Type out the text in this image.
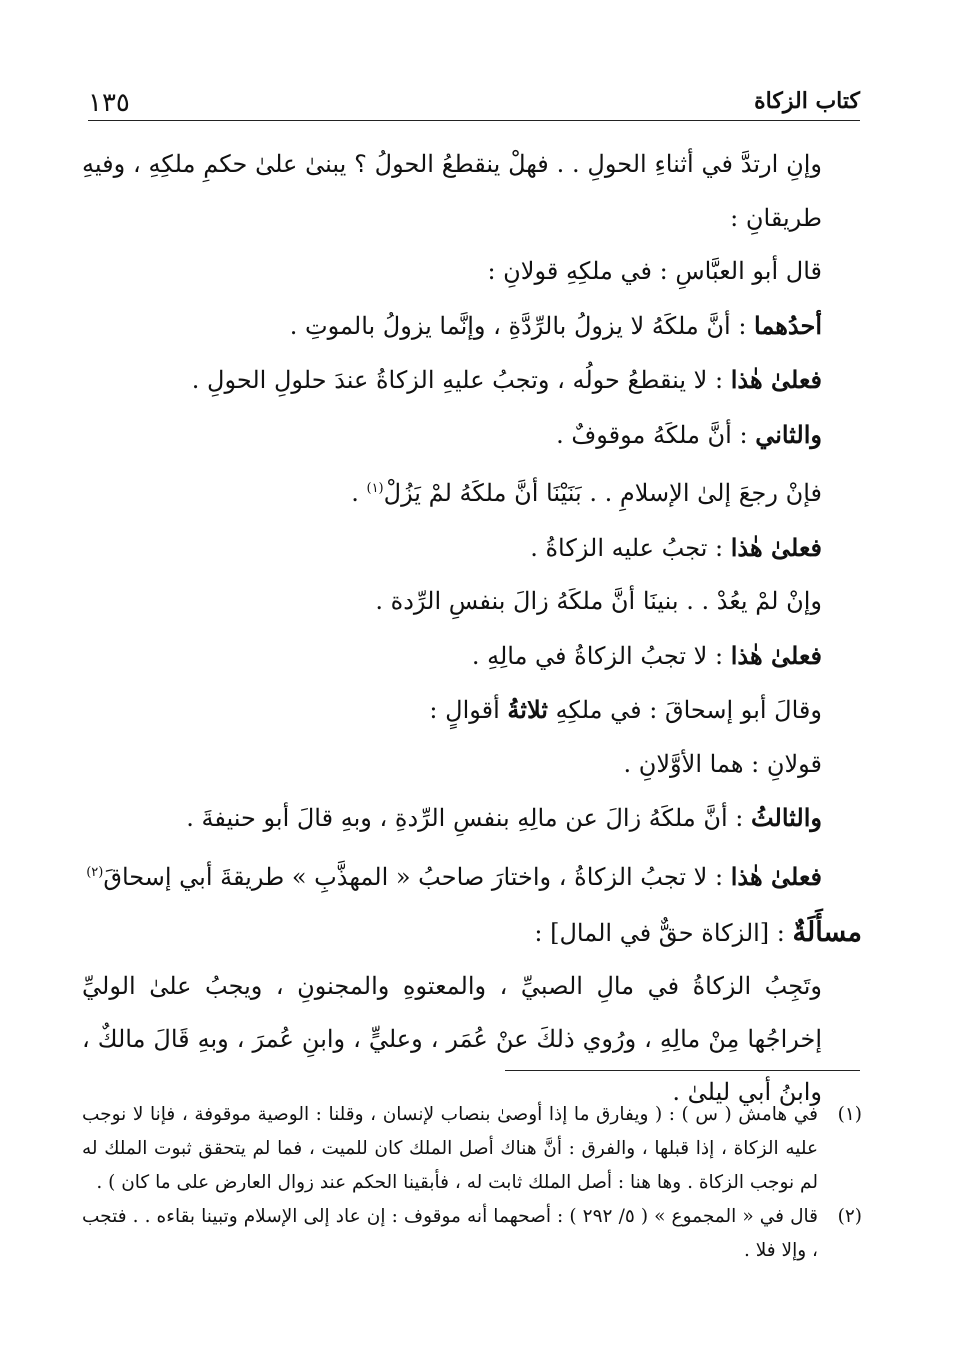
كتاب الزكاة
١٣٥

وإنِ ارتدَّ في أثناءِ الحولِ . . فهلْ ينقطعُ الحولُ ؟ يبنىٰ علىٰ حكمِ ملكِهِ ، وفيهِ طريقانِ :

قال أبو العبَّاسِ : في ملكِهِ قولانِ :

أحدُهما : أنَّ ملكَهُ لا يزولُ بالرِّدَّةِ ، وإنَّما يزولُ بالموتِ .

فعلىٰ هٰذا : لا ينقطعُ حولُه ، وتجبُ عليهِ الزكاةُ عندَ حلولِ الحولِ .

والثاني : أنَّ ملكَهُ موقوفٌ .

فإنْ رجعَ إلىٰ الإسلامِ . . بَنَيْنَا أنَّ ملكَهُ لمْ يَزُلْ$^{(١)}$ .

فعلىٰ هٰذا : تجبُ عليه الزكاةُ .

وإنْ لمْ يعُدْ . . بنينَا أنَّ ملكَهُ زالَ بنفسِ الرِّدة .

فعلىٰ هٰذا : لا تجبُ الزكاةُ في مالِهِ .

وقالَ أبو إسحاقَ : في ملكِهِ ثلاثةُ أقوالٍ :

قولانِ : هما الأوَّلانِ .

والثالثُ : أنَّ ملكَهُ زالَ عن مالِهِ بنفسِ الرِّدةِ ، وبهِ قالَ أبو حنيفةَ .

فعلىٰ هٰذا : لا تجبُ الزكاةُ ، واختارَ صاحبُ « المهذَّبِ » طريقةَ أبي إسحاقَ$^{(٢)}$

مسأَلَةٌ : [الزكاة حقٌّ في المال] :

وتَجِبُ الزكاةُ في مالِ الصبيِّ ، والمعتوهِ والمجنونِ ، ويجبُ علىٰ الوليِّ إخراجُها مِنْ مالِهِ ، ورُوي ذلكَ عنْ عُمَر ، وعليٍّ ، وابنِ عُمرَ ، وبهِ قَالَ مالكٌ ، وابنُ أبي ليلىٰ .

(١)
في هامش ( س ) : ( ويفارق ما إذا أوصىٰ بنصاب لإنسان ، وقلنا : الوصية موقوفة ، فإنا لا نوجب عليه الزكاة ، إذا قبلها ، والفرق : أنَّ هناك أصل الملك كان للميت ، فما لم يتحقق ثبوت الملك له لم نوجب الزكاة . وها هنا : أصل الملك ثابت له ، فأبقينا الحكم عند زوال العارض على ما كان ) .
(٢)
قال في « المجموع » ( ٥/ ٢٩٢ ) : أصحهما أنه موقوف : إن عاد إلى الإسلام وتبينا بقاءه . . فتجب ، وإلا فلا .
